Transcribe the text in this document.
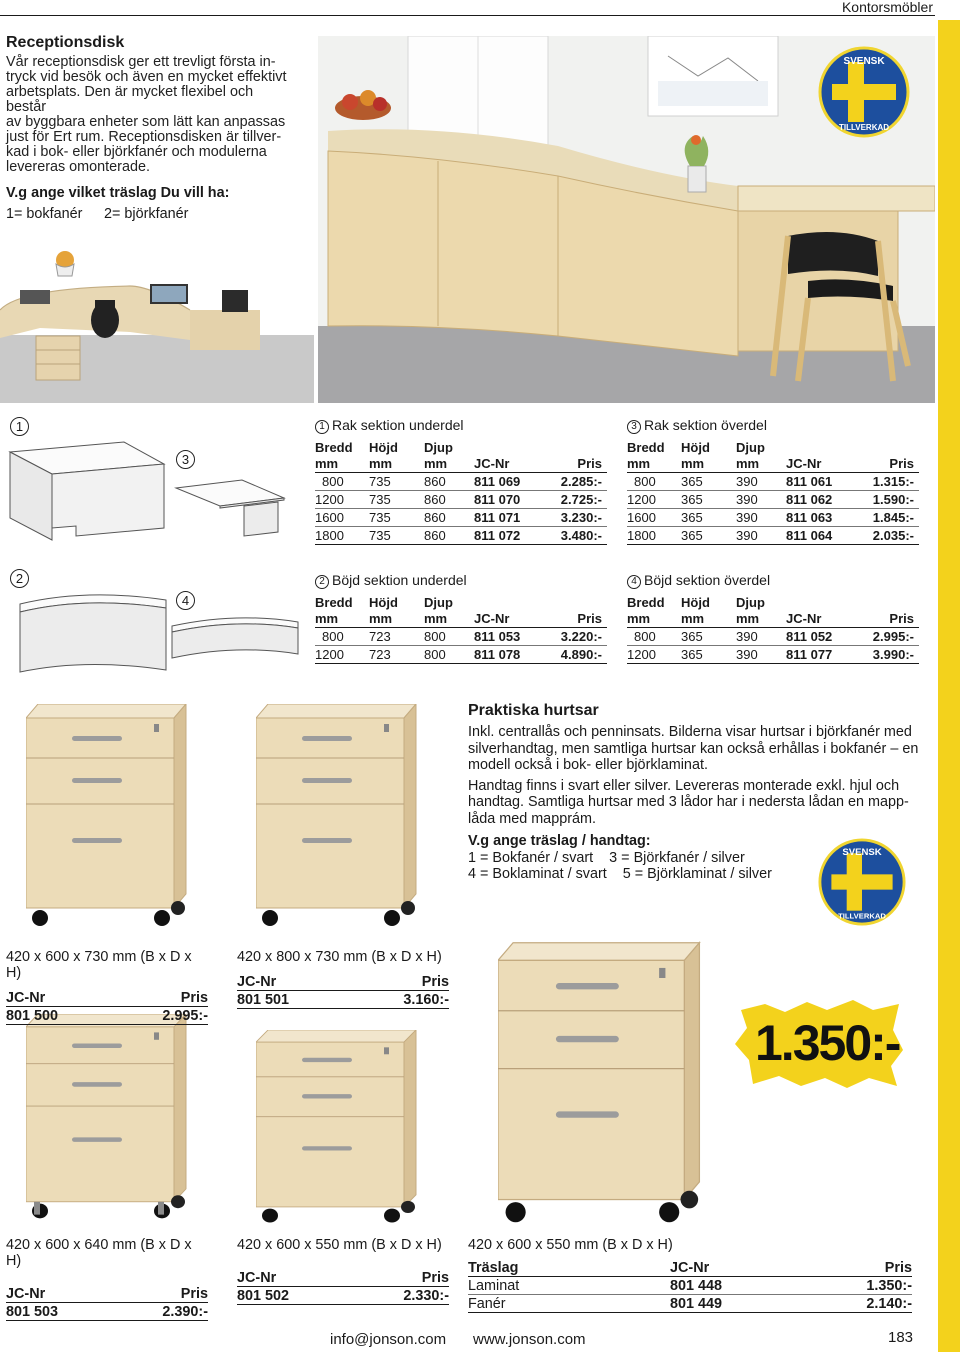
Kontorsmöbler
Receptionsdisk
Vår receptionsdisk ger ett trevligt första in-
tryck vid besök och även en mycket effektivt
arbetsplats. Den är mycket flexibel och består
av byggbara enheter som lätt kan anpassas
just för Ert rum. Receptionsdisken är tillver-
kad i bok- eller björkfanér och modulerna
levereras omonterade.
V.g ange vilket träslag Du vill ha:
1= bokfanér 2= björkfanér
SVENSK
TILLVERKAD
1
3
2
4
1 Rak sektion underdel
Bredd	Höjd	Djup
mm	mm	mm	JC-Nr	Pris
800	735	860	811 069	2.285:-
1200	735	860	811 070	2.725:-
1600	735	860	811 071	3.230:-
1800	735	860	811 072	3.480:-
3 Rak sektion överdel
Bredd	Höjd	Djup
mm	mm	mm	JC-Nr	Pris
800	365	390	811 061	1.315:-
1200	365	390	811 062	1.590:-
1600	365	390	811 063	1.845:-
1800	365	390	811 064	2.035:-
2 Böjd sektion underdel
Bredd	Höjd	Djup
mm	mm	mm	JC-Nr	Pris
800	723	800	811 053	3.220:-
1200	723	800	811 078	4.890:-
4 Böjd sektion överdel
Bredd	Höjd	Djup
mm	mm	mm	JC-Nr	Pris
800	365	390	811 052	2.995:-
1200	365	390	811 077	3.990:-
Praktiska hurtsar
Inkl. centrallås och penninsats. Bilderna visar hurtsar i björkfanér med
silverhandtag, men samtliga hurtsar kan också erhållas i bokfanér – en
modell också i bok- eller björklaminat.
Handtag finns i svart eller silver. Levereras monterade exkl. hjul och
handtag. Samtliga hurtsar med 3 lådor har i nedersta lådan en mapp-
låda med mapprám.
V.g ange träslag / handtag:
1 = Bokfanér / svart    3 = Björkfanér / silver
4 = Boklaminat / svart    5 = Björklaminat / silver
SVENSK
TILLVERKAD
1.350:-
420 x 600 x 730 mm (B x D x H)
JC-Nr	Pris
801 500	2.995:-
420 x 800 x 730 mm (B x D x H)
JC-Nr	Pris
801 501	3.160:-
420 x 600 x 640 mm (B x D x H)
JC-Nr	Pris
801 503	2.390:-
420 x 600 x 550 mm (B x D x H)
JC-Nr	Pris
801 502	2.330:-
420 x 600 x 550 mm (B x D x H)
Träslag	JC-Nr	Pris
Laminat	801 448	1.350:-
Fanér	801 449	2.140:-
info@jonson.com www.jonson.com	183
